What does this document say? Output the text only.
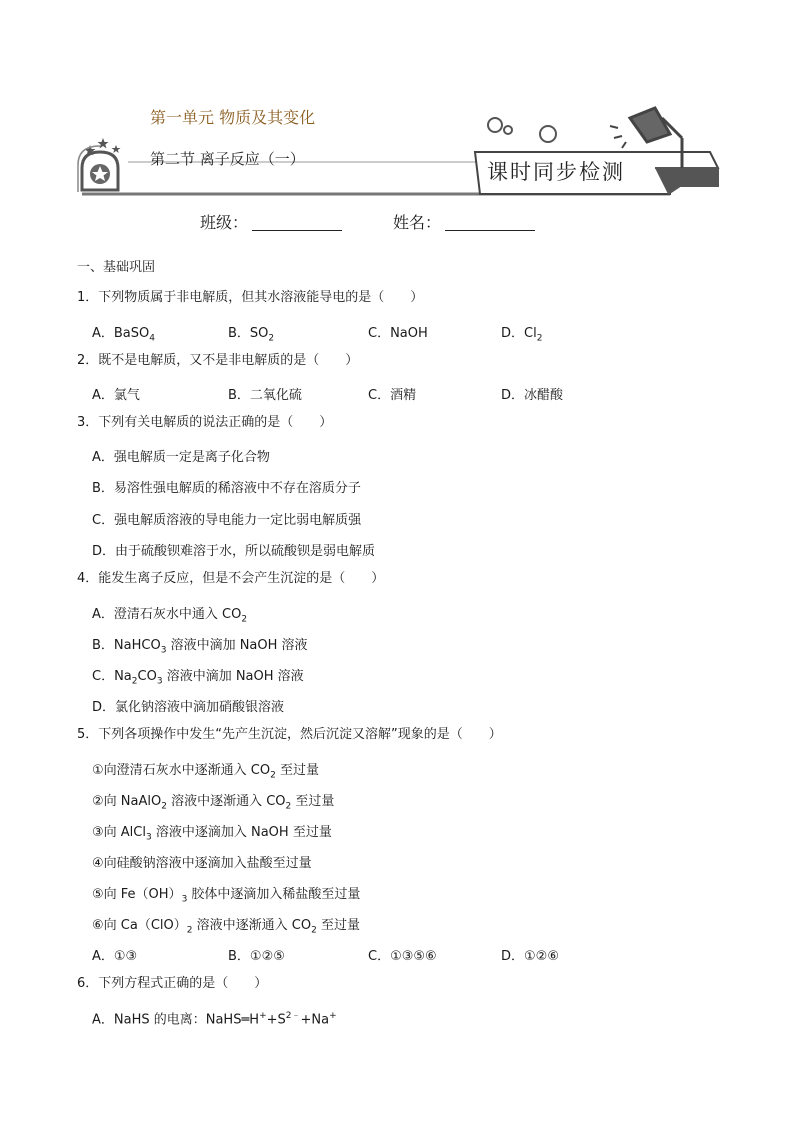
第一单元 物质及其变化
第二节 离子反应（一）
课时同步检测
班级：	姓名：
一、基础巩固
1．下列物质属于非电解质，但其水溶液能导电的是（　　）
A．BaSO$_4$	B．$SO_2$	C．NaOH	D．$Cl_2$
2．既不是电解质，又不是非电解质的是（　　）
A．氯气	B．二氧化硫	C．酒精	D．冰醋酸
3．下列有关电解质的说法正确的是（　　）
A．强电解质一定是离子化合物
B．易溶性强电解质的稀溶液中不存在溶质分子
C．强电解质溶液的导电能力一定比弱电解质强
D．由于硫酸钡难溶于水，所以硫酸钡是弱电解质
4．能发生离子反应，但是不会产生沉淀的是（　　）
A．澄清石灰水中通入 $CO_2$
B．NaHCO$_3$ 溶液中滴加 NaOH 溶液
C．$Na_2CO_3$ 溶液中滴加 NaOH 溶液
D．氯化钠溶液中滴加硝酸银溶液
5．下列各项操作中发生“先产生沉淀，然后沉淀又溶解”现象的是（　　）
①向澄清石灰水中逐渐通入 $CO_2$ 至过量
②向 NaAlO$_2$ 溶液中逐渐通入 $CO_2$ 至过量
③向 AlCl$_3$ 溶液中逐滴加入 NaOH 至过量
④向硅酸钠溶液中逐滴加入盐酸至过量
⑤向 $Fe(OH)_3$ 胶体中逐滴加入稀盐酸至过量
⑥向 $Ca(ClO)_2$ 溶液中逐渐通入 $CO_2$ 至过量
A．①③	B．①②⑤	C．①③⑤⑥	D．①②⑥
6．下列方程式正确的是（　　）
A．NaHS 的电离：$NaHS═H^++S^{2﹣}+Na^+$
